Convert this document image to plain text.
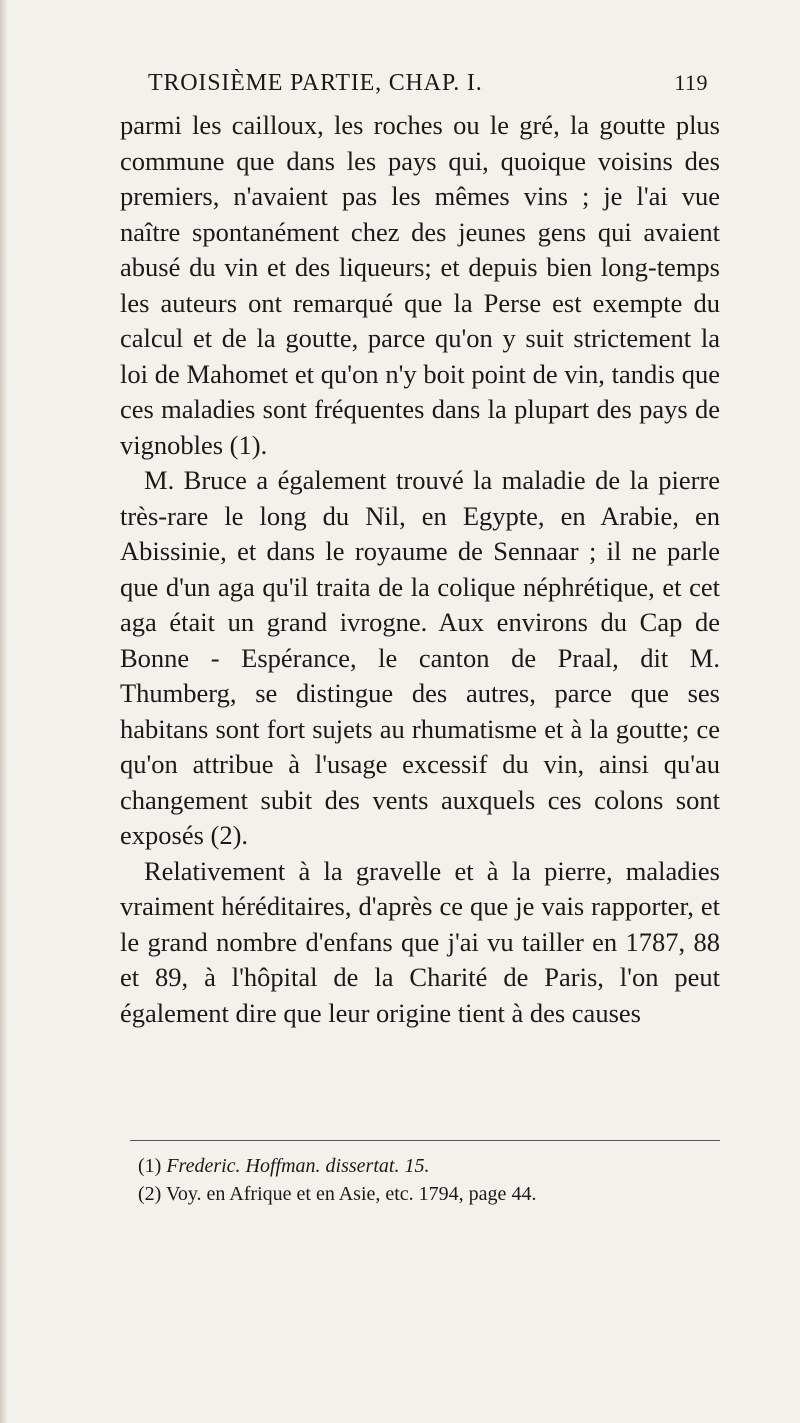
TROISIÈME PARTIE, CHAP. I.	119

parmi les cailloux, les roches ou le gré, la goutte plus commune que dans les pays qui, quoique voisins des premiers, n'avaient pas les mêmes vins ; je l'ai vue naître spontanément chez des jeunes gens qui avaient abusé du vin et des liqueurs; et depuis bien long-temps les auteurs ont remarqué que la Perse est exempte du calcul et de la goutte, parce qu'on y suit strictement la loi de Mahomet et qu'on n'y boit point de vin, tandis que ces maladies sont fréquentes dans la plupart des pays de vignobles (1).

M. Bruce a également trouvé la maladie de la pierre très-rare le long du Nil, en Egypte, en Arabie, en Abissinie, et dans le royaume de Sennaar ; il ne parle que d'un aga qu'il traita de la colique néphrétique, et cet aga était un grand ivrogne. Aux environs du Cap de Bonne - Espérance, le canton de Praal, dit M. Thumberg, se distingue des autres, parce que ses habitans sont fort sujets au rhumatisme et à la goutte; ce qu'on attribue à l'usage excessif du vin, ainsi qu'au changement subit des vents auxquels ces colons sont exposés (2).

Relativement à la gravelle et à la pierre, maladies vraiment héréditaires, d'après ce que je vais rapporter, et le grand nombre d'enfans que j'ai vu tailler en 1787, 88 et 89, à l'hôpital de la Charité de Paris, l'on peut également dire que leur origine tient à des causes

(1) Frederic. Hoffman. dissertat. 15.

(2) Voy. en Afrique et en Asie, etc. 1794, page 44.
